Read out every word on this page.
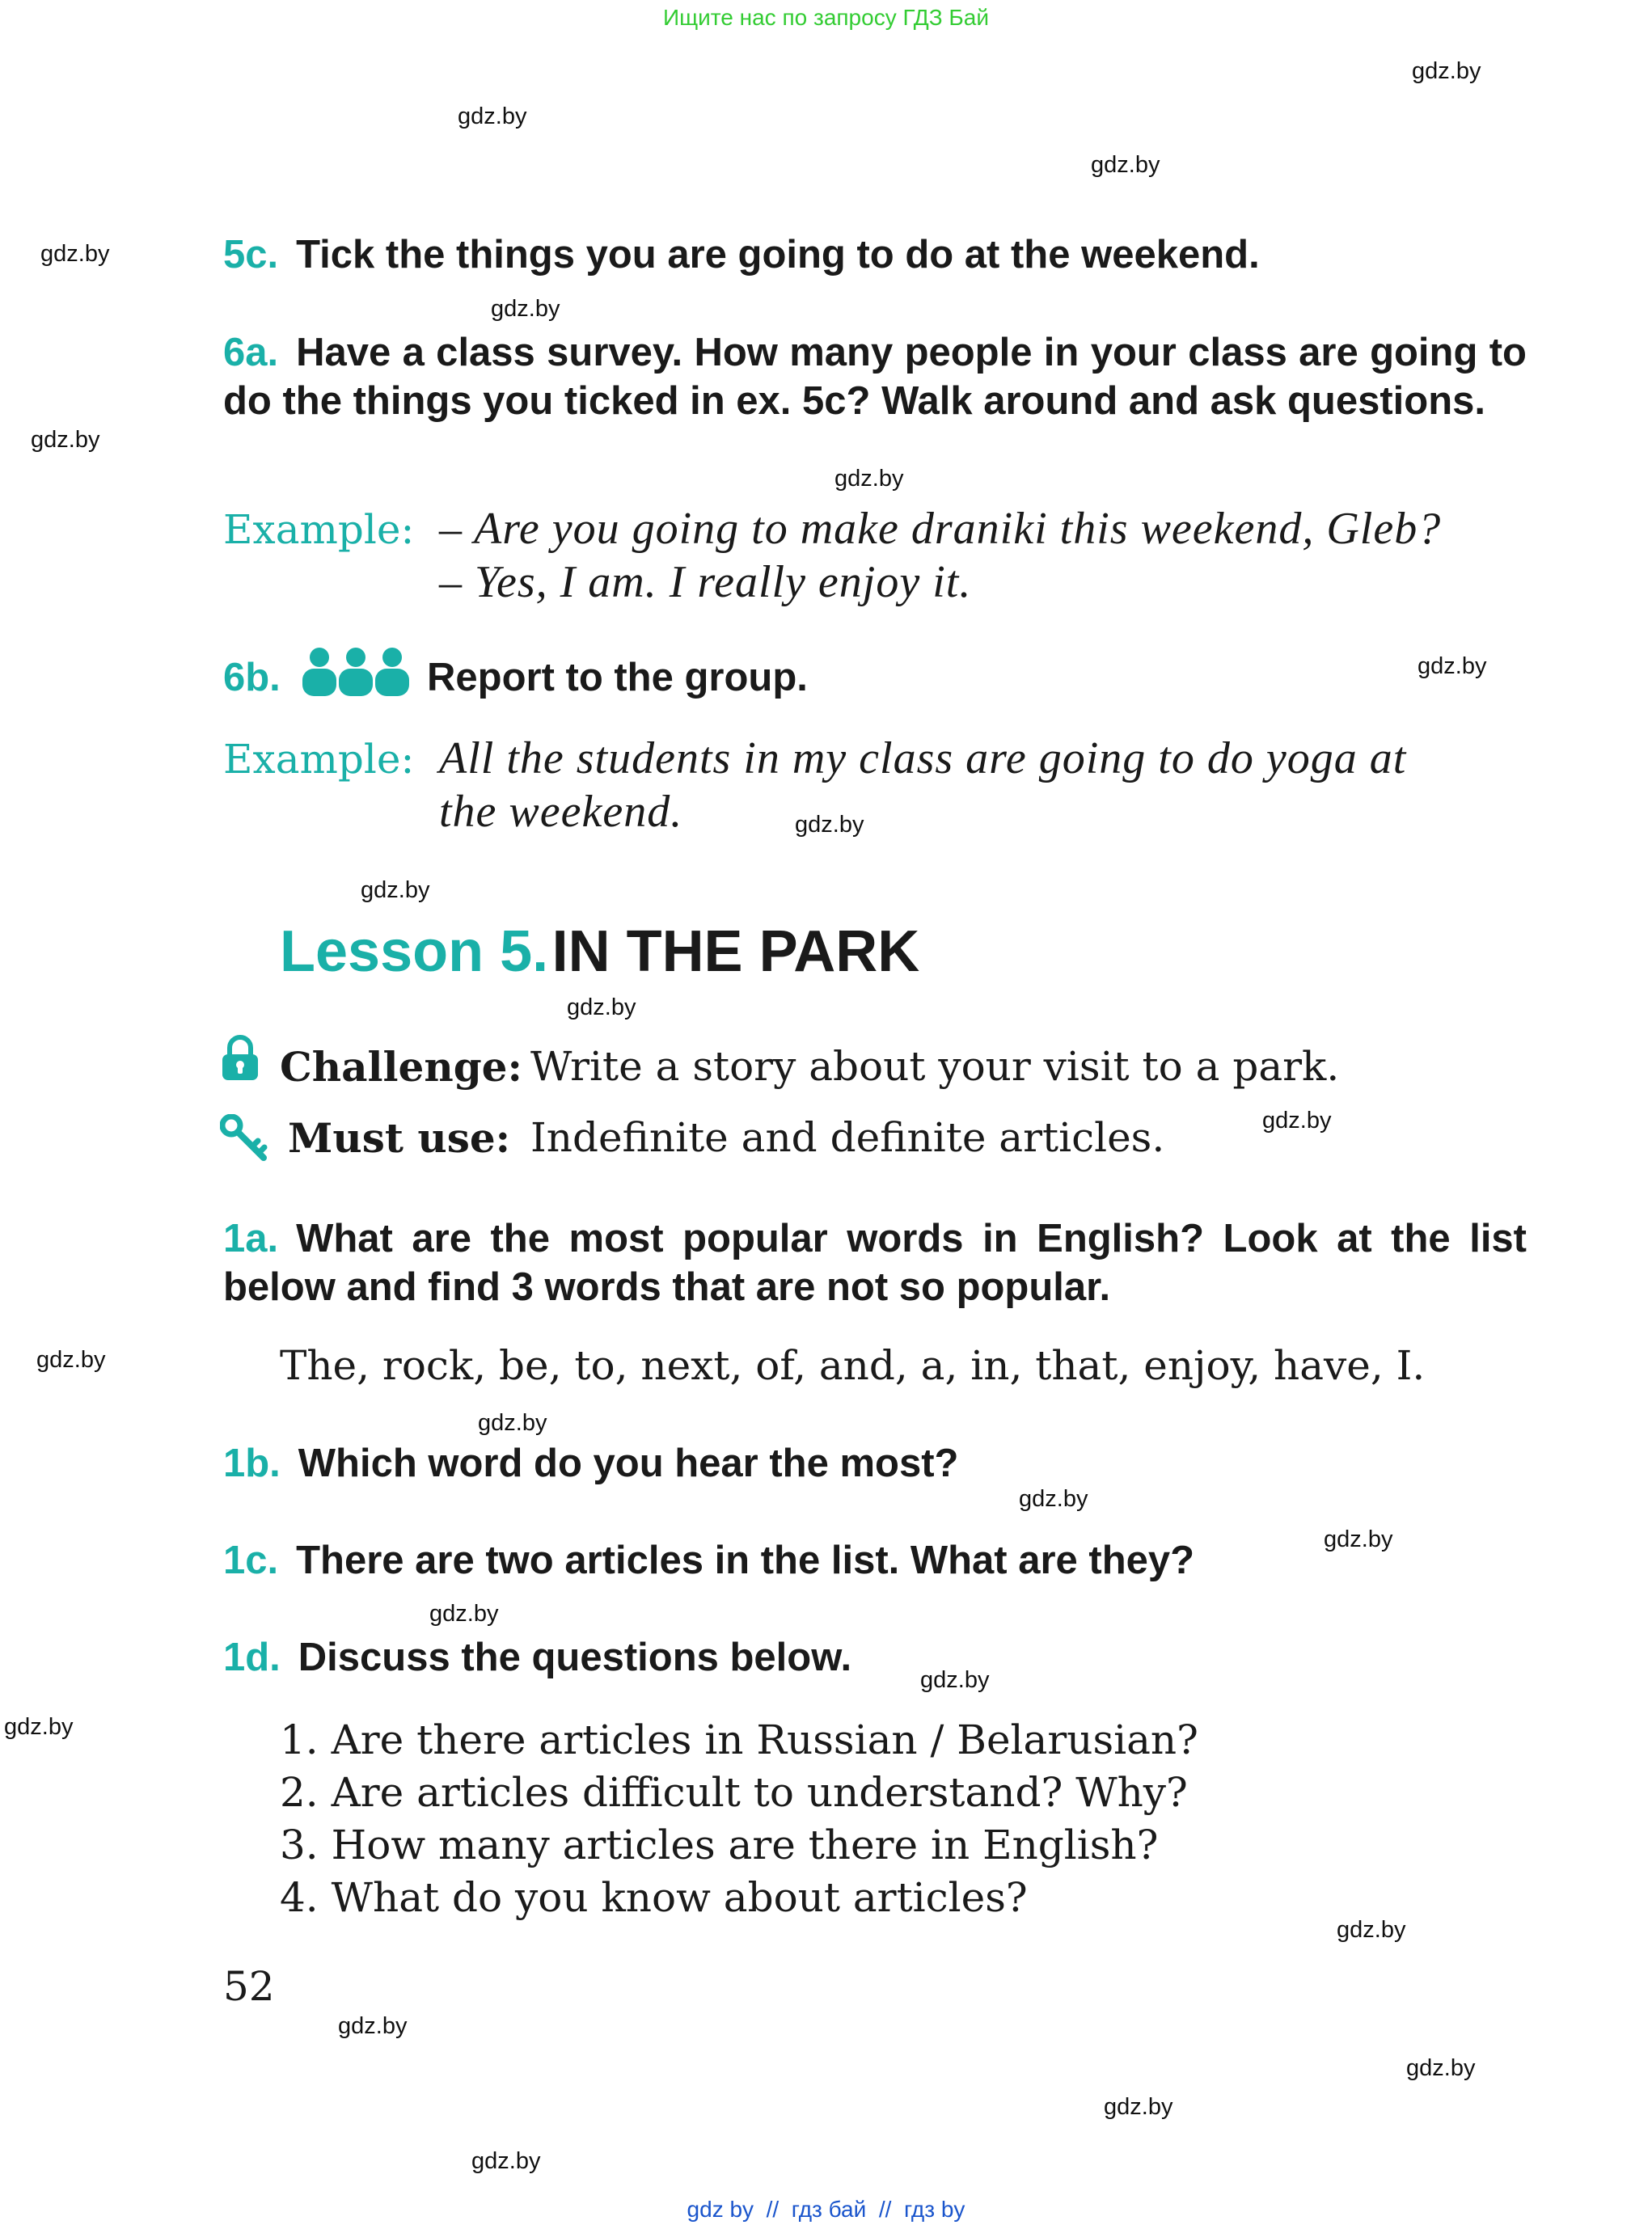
Ищите нас по запросу ГДЗ Бай
gdz.by
gdz.by
gdz.by
gdz.by
gdz.by
gdz.by
gdz.by
gdz.by
gdz.by
gdz.by
gdz.by
gdz.by
gdz.by
gdz.by
gdz.by
gdz.by
gdz.by
gdz.by
gdz.by
gdz.by
gdz.by
gdz.by
gdz.by
gdz.by
5c. Tick the things you are going to do at the weekend.
6a. Have a class survey. How many people in your class are going to do the things you ticked in ex. 5c? Walk around and ask questions.
Example: – Are you going to make draniki this weekend, Gleb?
– Yes, I am. I really enjoy it.
6b.	Report to the group.
Example: All the students in my class are going to do yoga at
the weekend.
Lesson 5. IN THE PARK
Challenge: Write a story about your visit to a park.
Must use: Indefinite and definite articles.
1a. What are the most popular words in English? Look at the list below and find 3 words that are not so popular.
The, rock, be, to, next, of, and, a, in, that, enjoy, have, I.
1b. Which word do you hear the most?
1c. There are two articles in the list. What are they?
1d. Discuss the questions below.
1. Are there articles in Russian / Belarusian?
2. Are articles difficult to understand? Why?
3. How many articles are there in English?
4. What do you know about articles?
52
gdz by // гдз бай // гдз by
